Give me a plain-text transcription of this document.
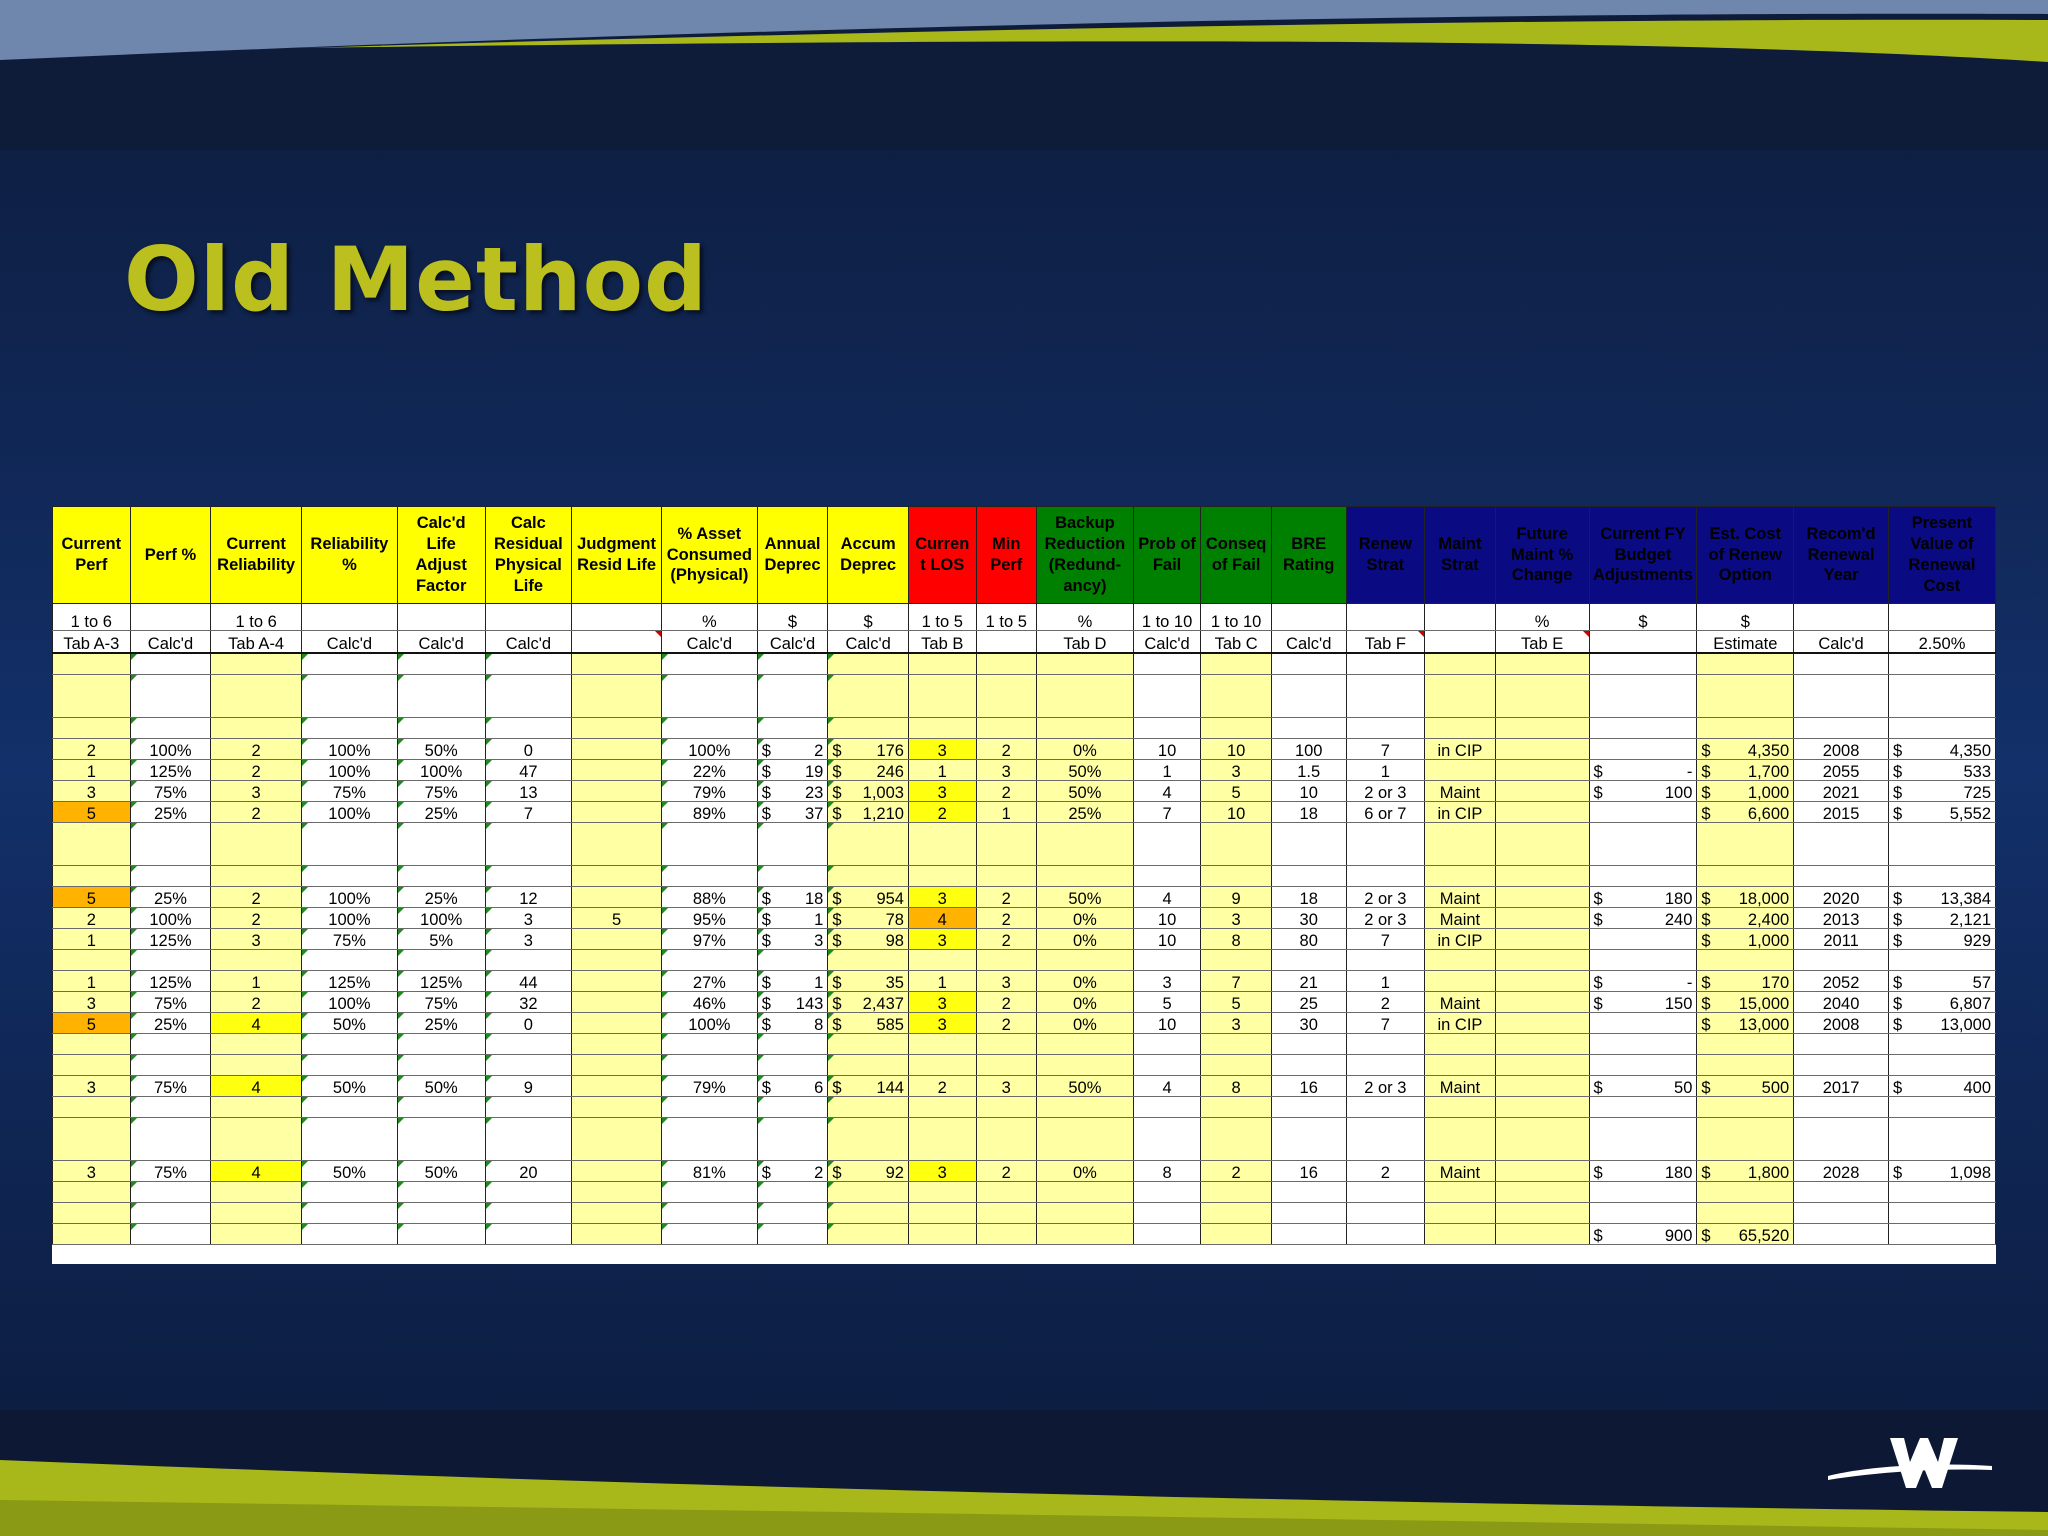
Old Method
Current Perf	Perf %	Current Reliability	Reliability %	Calc'd Life Adjust Factor	Calc Residual Physical Life	Judgment Resid Life	% Asset Consumed (Physical)	Annual Deprec	Accum Deprec	Curren t LOS	Min Perf	Backup Reduction (Redund- ancy)	Prob of Fail	Conseq of Fail	BRE Rating	Renew Strat	Maint Strat	Future Maint % Change	Current FY Budget Adjustments	Est. Cost of Renew Option	Recom'd Renewal Year	Present Value of Renewal Cost

1 to 6		1 to 6					%	$	$	1 to 5	1 to 5	%	1 to 10	1 to 10				%	$	$		
Tab A-3	Calc'd	Tab A-4	Calc'd	Calc'd	Calc'd		Calc'd	Calc'd	Calc'd	Tab B		Tab D	Calc'd	Tab C	Calc'd	Tab F		Tab E		Estimate	Calc'd	2.50%

2	100%	2	100%	50%	0		100%	$ 2	$ 176	3	2	0%	10	10	100	7	in CIP			$ 4,350	2008	$ 4,350

1	125%	2	100%	100%	47		22%	$ 19	$ 246	1	3	50%	1	3	1.5	1			$ -	$ 1,700	2055	$ 533

3	75%	3	75%	75%	13		79%	$ 23	$ 1,003	3	2	50%	4	5	10	2 or 3	Maint		$ 100	$ 1,000	2021	$ 725

5	25%	2	100%	25%	7		89%	$ 37	$ 1,210	2	1	25%	7	10	18	6 or 7	in CIP			$ 6,600	2015	$ 5,552

5	25%	2	100%	25%	12		88%	$ 18	$ 954	3	2	50%	4	9	18	2 or 3	Maint		$ 180	$ 18,000	2020	$ 13,384

2	100%	2	100%	100%	3	5	95%	$ 1	$ 78	4	2	0%	10	3	30	2 or 3	Maint		$ 240	$ 2,400	2013	$ 2,121

1	125%	3	75%	5%	3		97%	$ 3	$ 98	3	2	0%	10	8	80	7	in CIP			$ 1,000	2011	$ 929

1	125%	1	125%	125%	44		27%	$ 1	$ 35	1	3	0%	3	7	21	1			$ -	$ 170	2052	$ 57

3	75%	2	100%	75%	32		46%	$ 143	$ 2,437	3	2	0%	5	5	25	2	Maint		$ 150	$ 15,000	2040	$ 6,807

5	25%	4	50%	25%	0		100%	$ 8	$ 585	3	2	0%	10	3	30	7	in CIP			$ 13,000	2008	$ 13,000

3	75%	4	50%	50%	9		79%	$ 6	$ 144	2	3	50%	4	8	16	2 or 3	Maint		$ 50	$ 500	2017	$ 400

3	75%	4	50%	50%	20		81%	$ 2	$ 92	3	2	0%	8	2	16	2	Maint		$ 180	$ 1,800	2028	$ 1,098

																			$ 900	$ 65,520		
